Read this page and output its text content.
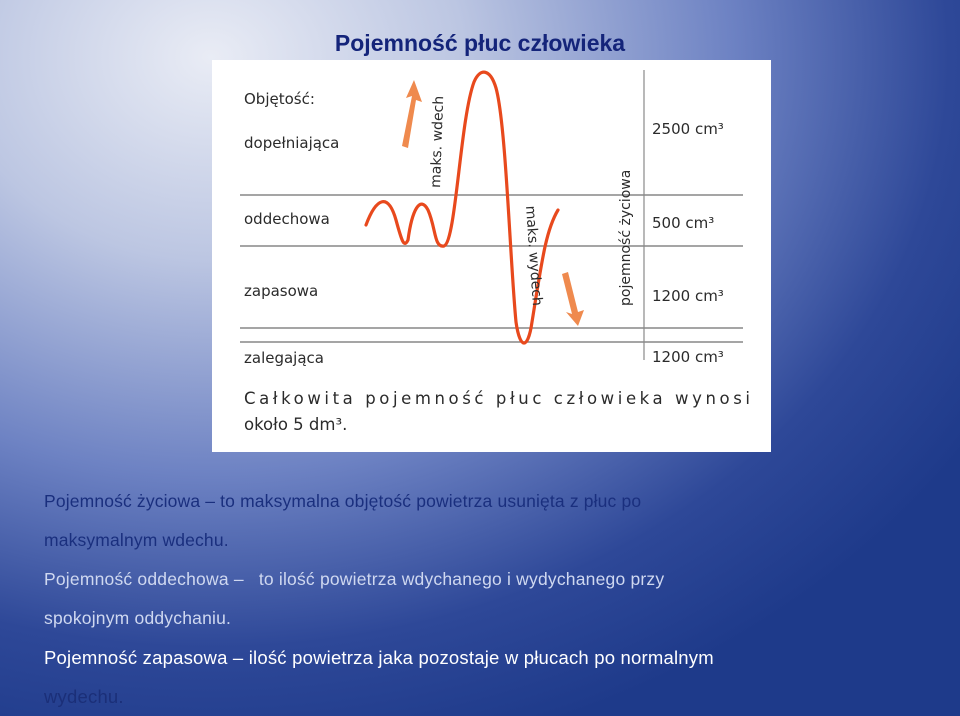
Pojemność płuc człowieka
Objętość:
dopełniająca
oddechowa
zapasowa
zalegająca
2500 cm³
500 cm³
1200 cm³
1200 cm³
maks. wdech
maks. wydech	pojemność życiowa
Całkowita pojemność płuc człowieka wynosi
około 5 dm³.

Pojemność życiowa – to maksymalna objętość powietrza usunięta z płuc po
maksymalnym wdechu.

Pojemność oddechowa – to ilość powietrza wdychanego i wydychanego przy
spokojnym oddychaniu.

Pojemność zapasowa – ilość powietrza jaka pozostaje w płucach po normalnym
wydechu.
